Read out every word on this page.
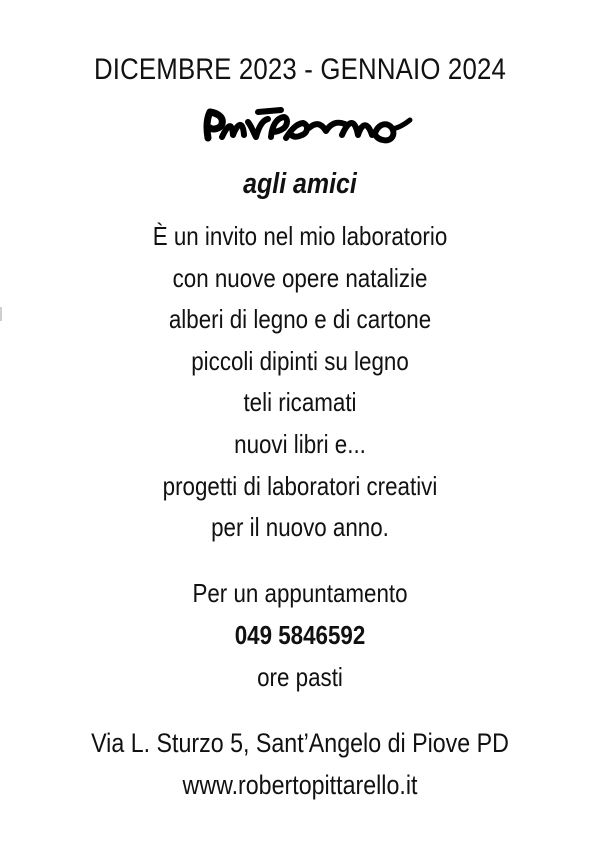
DICEMBRE 2023 - GENNAIO 2024
agli amici
È un invito nel mio laboratorio
con nuove opere natalizie
alberi di legno e di cartone
piccoli dipinti su legno
teli ricamati
nuovi libri e...
progetti di laboratori creativi
per il nuovo anno.
Per un appuntamento
049 5846592
ore pasti
Via L. Sturzo 5, Sant’Angelo di Piove PD
www.robertopittarello.it
